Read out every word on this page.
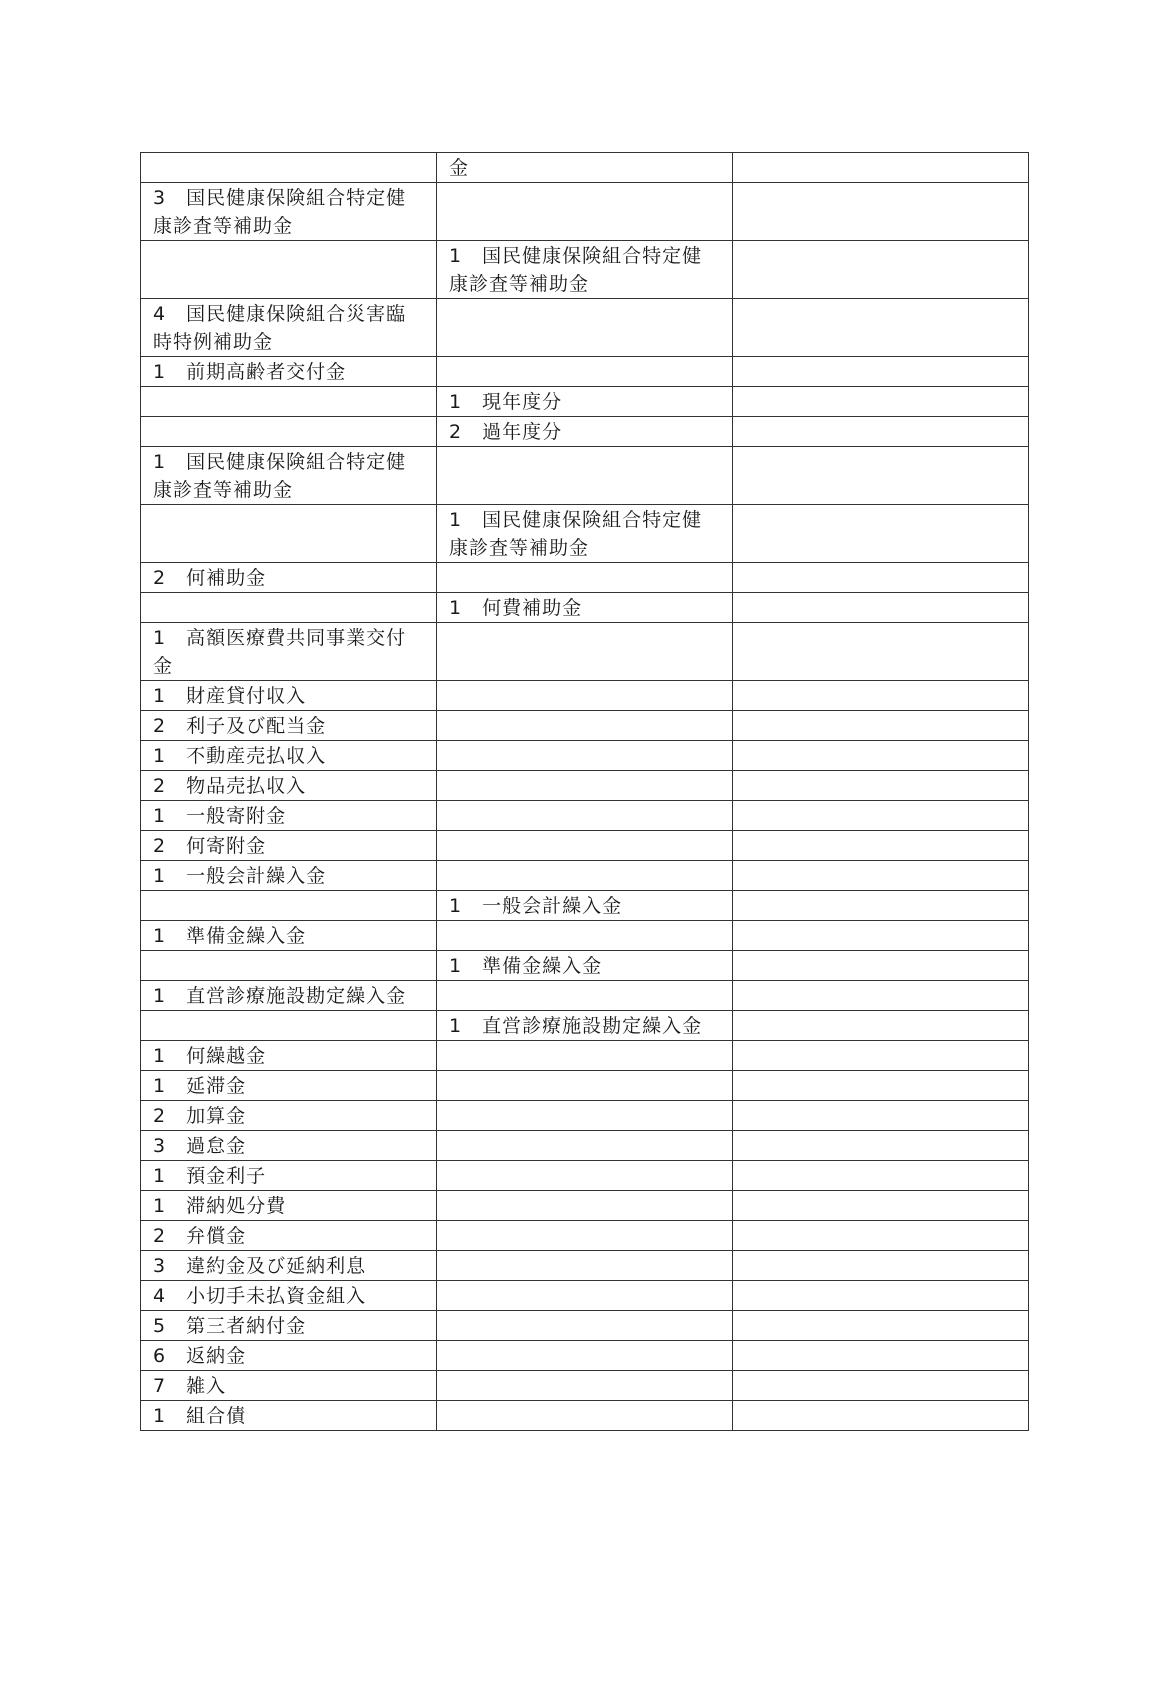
	金	
3　国民健康保険組合特定健康診査等補助金		
	1　国民健康保険組合特定健康診査等補助金	
4　国民健康保険組合災害臨時特例補助金		
1　前期高齢者交付金		
	1　現年度分	
	2　過年度分	
1　国民健康保険組合特定健康診査等補助金		
	1　国民健康保険組合特定健康診査等補助金	
2　何補助金		
	1　何費補助金	
1　高額医療費共同事業交付金		
1　財産貸付収入		
2　利子及び配当金		
1　不動産売払収入		
2　物品売払収入		
1　一般寄附金		
2　何寄附金		
1　一般会計繰入金		
	1　一般会計繰入金	
1　準備金繰入金		
	1　準備金繰入金	
1　直営診療施設勘定繰入金		
	1　直営診療施設勘定繰入金	
1　何繰越金		
1　延滞金		
2　加算金		
3　過怠金		
1　預金利子		
1　滞納処分費		
2　弁償金		
3　違約金及び延納利息		
4　小切手未払資金組入		
5　第三者納付金		
6　返納金		
7　雑入		
1　組合債		
